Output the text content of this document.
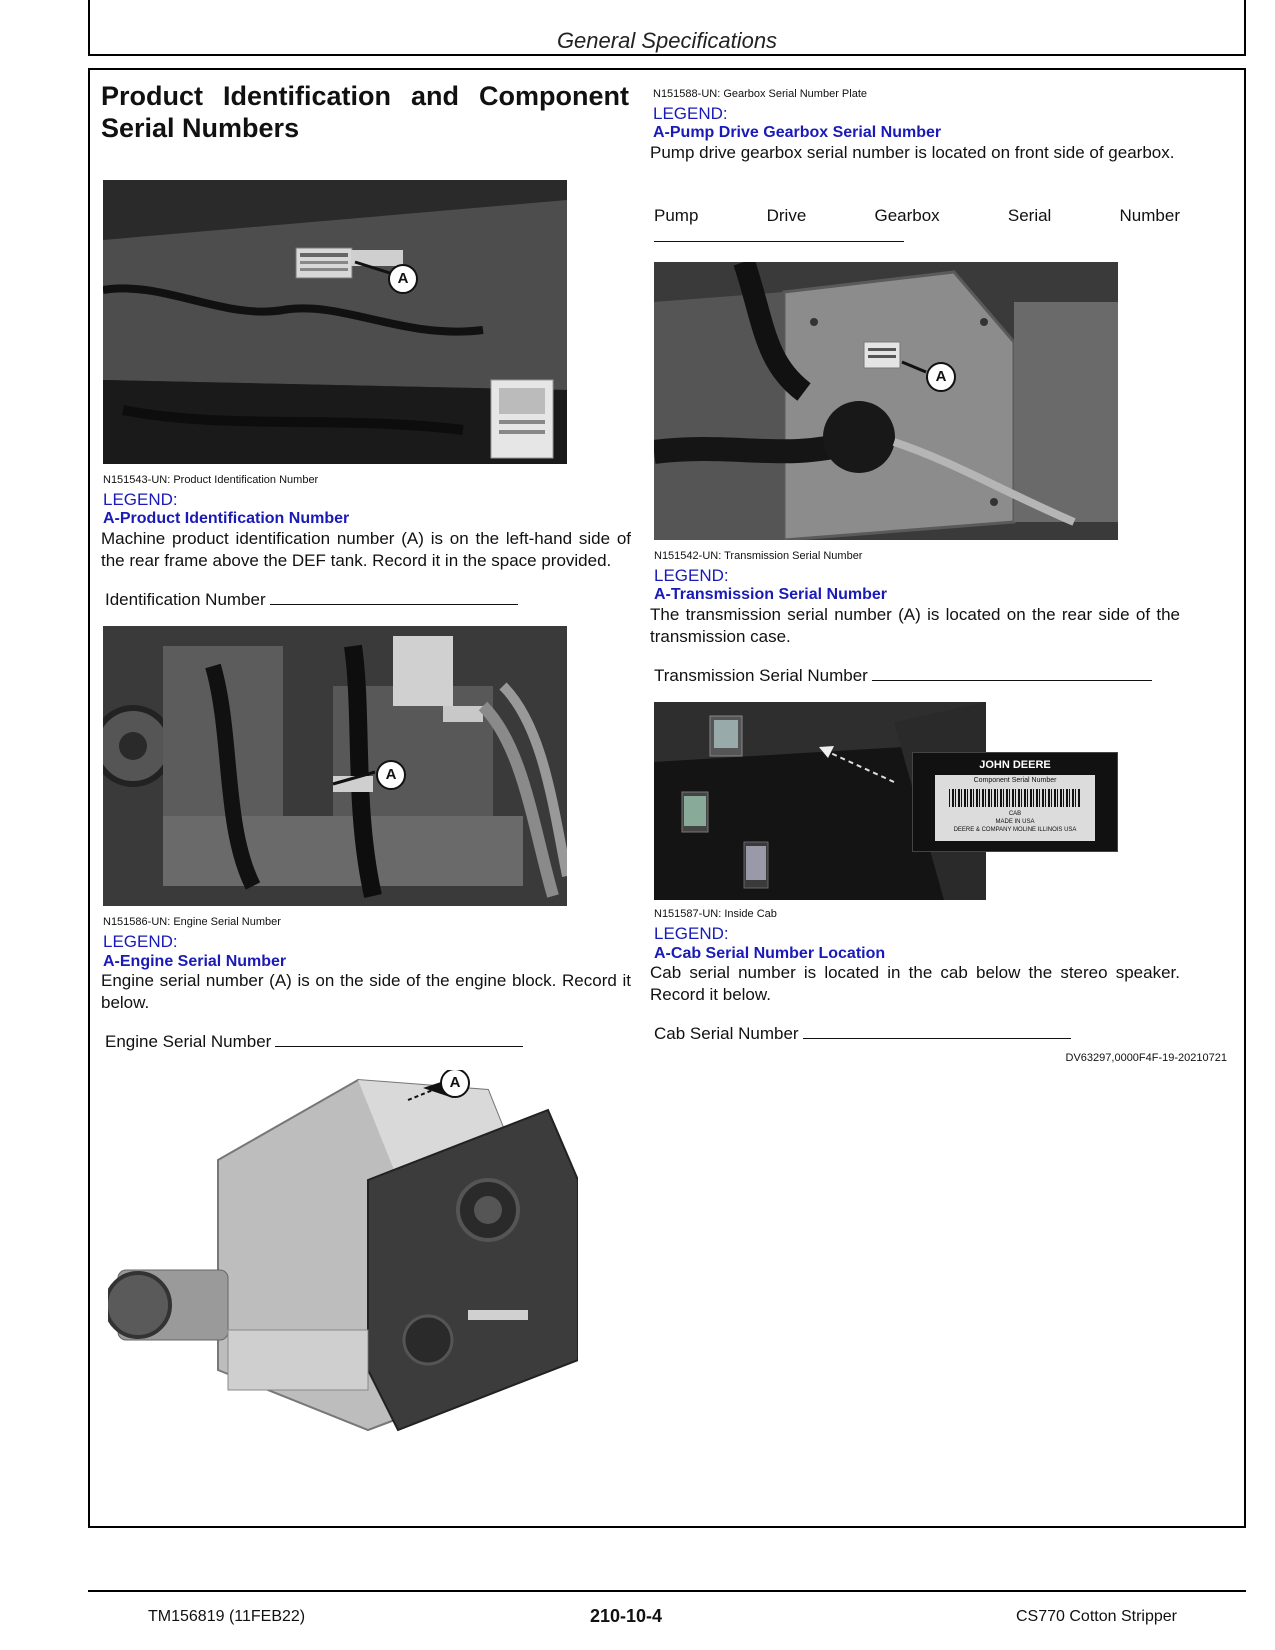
General Specifications
Product Identification and Component
Serial Numbers
A
N151543-UN: Product Identification Number
LEGEND:
A-Product Identification Number
Machine product identification number (A) is on the left-hand side of the rear frame above the DEF tank. Record it in the space provided.
Identification Number
A
N151586-UN: Engine Serial Number
LEGEND:
A-Engine Serial Number
Engine serial number (A) is on the side of the engine block. Record it below.
Engine Serial Number
A
N151588-UN: Gearbox Serial Number Plate
LEGEND:
A-Pump Drive Gearbox Serial Number
Pump drive gearbox serial number is located on front side of gearbox.
Pump	Drive	Gearbox	Serial	Number
A
N151542-UN: Transmission Serial Number
LEGEND:
A-Transmission Serial Number
The transmission serial number (A) is located on the rear side of the transmission case.
Transmission Serial Number
JOHN DEERE
Component Serial Number
CAB
MADE IN USA
DEERE & COMPANY MOLINE ILLINOIS USA
N151587-UN: Inside Cab
LEGEND:
A-Cab Serial Number Location
Cab serial number is located in the cab below the stereo speaker. Record it below.
Cab Serial Number
DV63297,0000F4F-19-20210721
TM156819 (11FEB22)	210-10-4	CS770 Cotton Stripper
